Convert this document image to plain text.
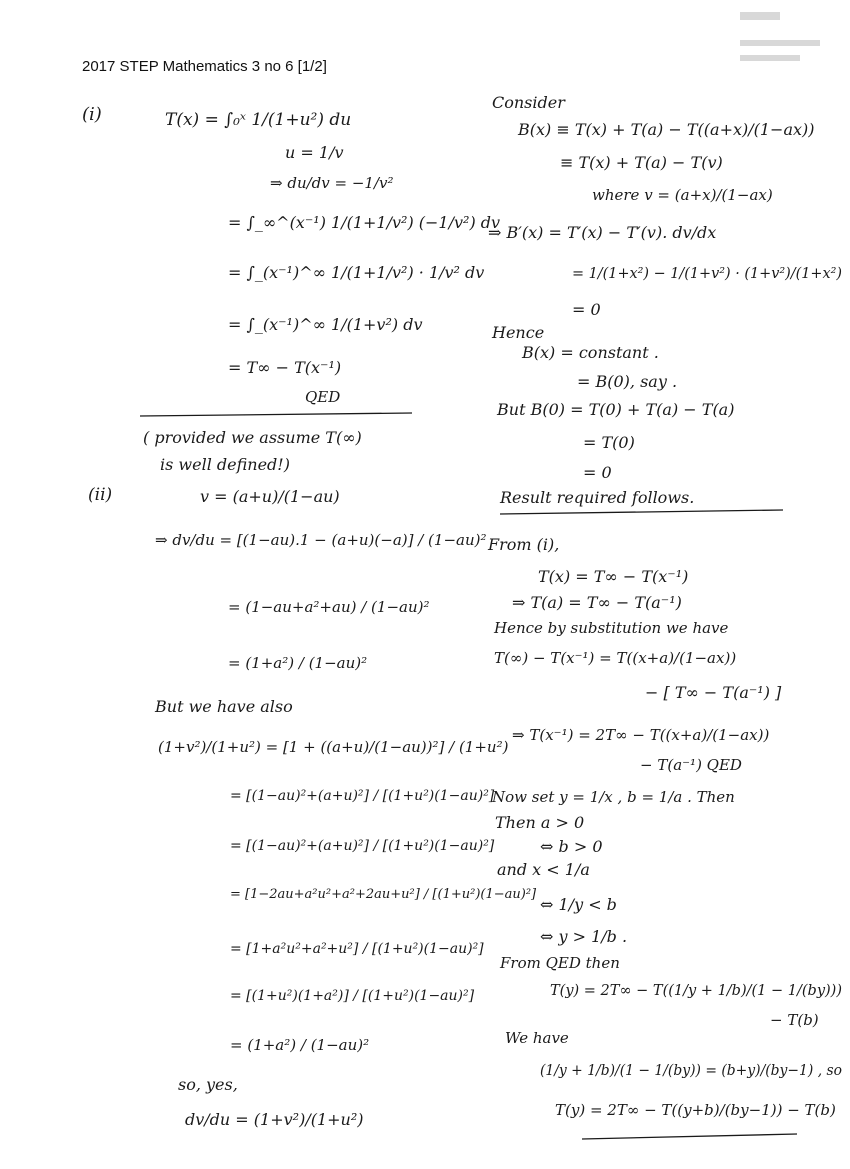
2017 STEP Mathematics 3 no 6 [1/2]
(i)	T(x) = ∫₀ˣ 1/(1+u²) du
u = 1/v
⇒ du/dv = −1/v²
= ∫_∞^(x⁻¹) 1/(1+1/v²) (−1/v²) dv
= ∫_(x⁻¹)^∞ 1/(1+1/v²) · 1/v² dv
= ∫_(x⁻¹)^∞ 1/(1+v²) dv
= T∞ − T(x⁻¹)
QED
( provided we assume T(∞)
is well defined!)
(ii)	v = (a+u)/(1−au)
⇒ dv/du = [(1−au).1 − (a+u)(−a)] / (1−au)²
= (1−au+a²+au) / (1−au)²
= (1+a²) / (1−au)²
But we have also
(1+v²)/(1+u²) = [1 + ((a+u)/(1−au))²] / (1+u²)
= [(1−au)²+(a+u)²] / [(1+u²)(1−au)²]
= [(1−au)²+(a+u)²] / [(1+u²)(1−au)²]
= [1−2au+a²u²+a²+2au+u²] / [(1+u²)(1−au)²]
= [1+a²u²+a²+u²] / [(1+u²)(1−au)²]
= [(1+u²)(1+a²)] / [(1+u²)(1−au)²]
= (1+a²) / (1−au)²
so, yes,
dv/du = (1+v²)/(1+u²)
Consider
B(x) ≡ T(x) + T(a) − T((a+x)/(1−ax))
≡ T(x) + T(a) − T(v)
where v = (a+x)/(1−ax)
⇒ B′(x) = T′(x) − T′(v). dv/dx
= 1/(1+x²) − 1/(1+v²) · (1+v²)/(1+x²)
= 0
Hence
B(x) = constant .
= B(0), say .
But B(0) = T(0) + T(a) − T(a)
= T(0)
= 0
Result required follows.
From (i),
T(x) = T∞ − T(x⁻¹)
⇒ T(a) = T∞ − T(a⁻¹)
Hence by substitution we have
T(∞) − T(x⁻¹) = T((x+a)/(1−ax))
− [ T∞ − T(a⁻¹) ]
⇒ T(x⁻¹) = 2T∞ − T((x+a)/(1−ax))
− T(a⁻¹) QED
Now set y = 1/x , b = 1/a . Then
Then a > 0
⇔ b > 0
and x < 1/a
⇔ 1/y < b
⇔ y > 1/b .
From QED then
T(y) = 2T∞ − T((1/y + 1/b)/(1 − 1/(by)))
− T(b)
We have
(1/y + 1/b)/(1 − 1/(by)) = (b+y)/(by−1) , so
T(y) = 2T∞ − T((y+b)/(by−1)) − T(b)
